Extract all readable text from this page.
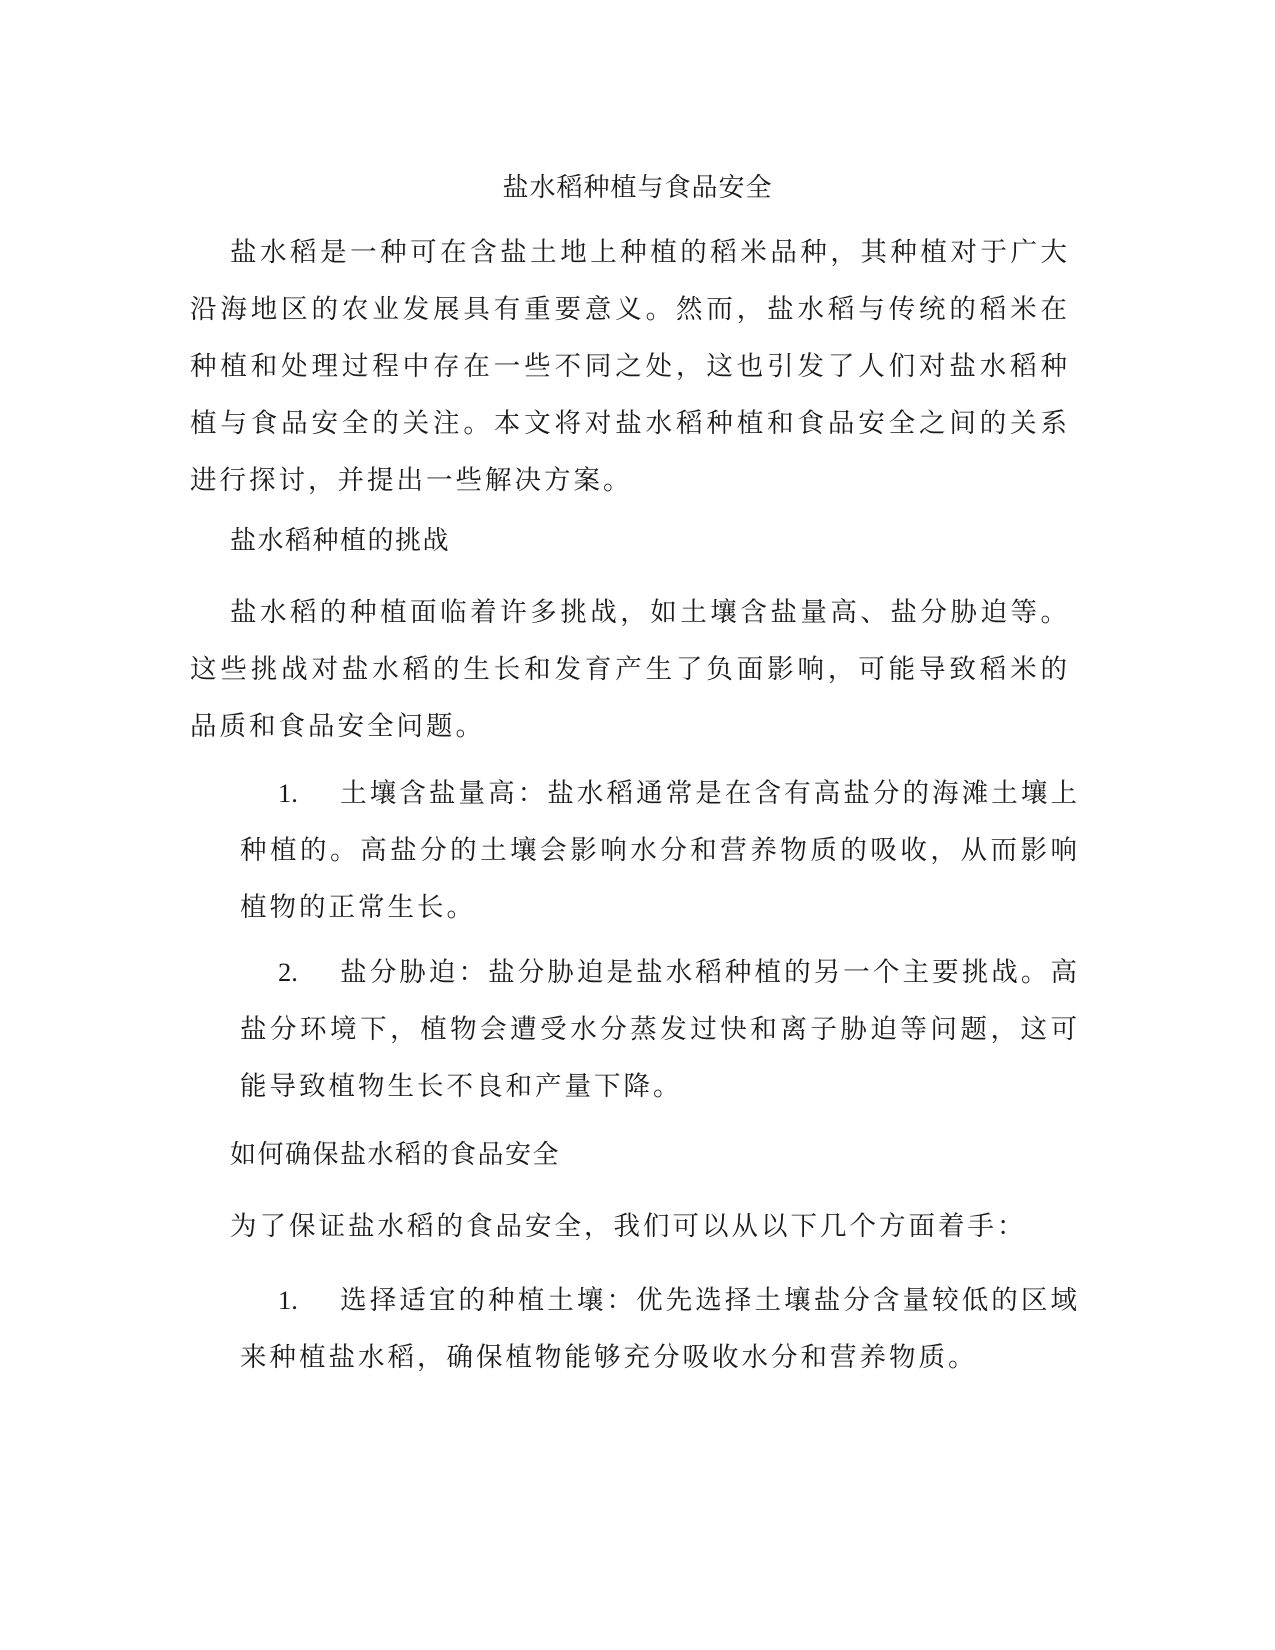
盐水稻种植与食品安全

盐水稻是一种可在含盐土地上种植的稻米品种，其种植对于广大沿海地区的农业发展具有重要意义。然而，盐水稻与传统的稻米在种植和处理过程中存在一些不同之处，这也引发了人们对盐水稻种植与食品安全的关注。本文将对盐水稻种植和食品安全之间的关系进行探讨，并提出一些解决方案。

盐水稻种植的挑战

盐水稻的种植面临着许多挑战，如土壤含盐量高、盐分胁迫等。这些挑战对盐水稻的生长和发育产生了负面影响，可能导致稻米的品质和食品安全问题。

1. 土壤含盐量高：盐水稻通常是在含有高盐分的海滩土壤上种植的。高盐分的土壤会影响水分和营养物质的吸收，从而影响植物的正常生长。

2. 盐分胁迫：盐分胁迫是盐水稻种植的另一个主要挑战。高盐分环境下，植物会遭受水分蒸发过快和离子胁迫等问题，这可能导致植物生长不良和产量下降。

如何确保盐水稻的食品安全

为了保证盐水稻的食品安全，我们可以从以下几个方面着手：

1. 选择适宜的种植土壤：优先选择土壤盐分含量较低的区域来种植盐水稻，确保植物能够充分吸收水分和营养物质。
